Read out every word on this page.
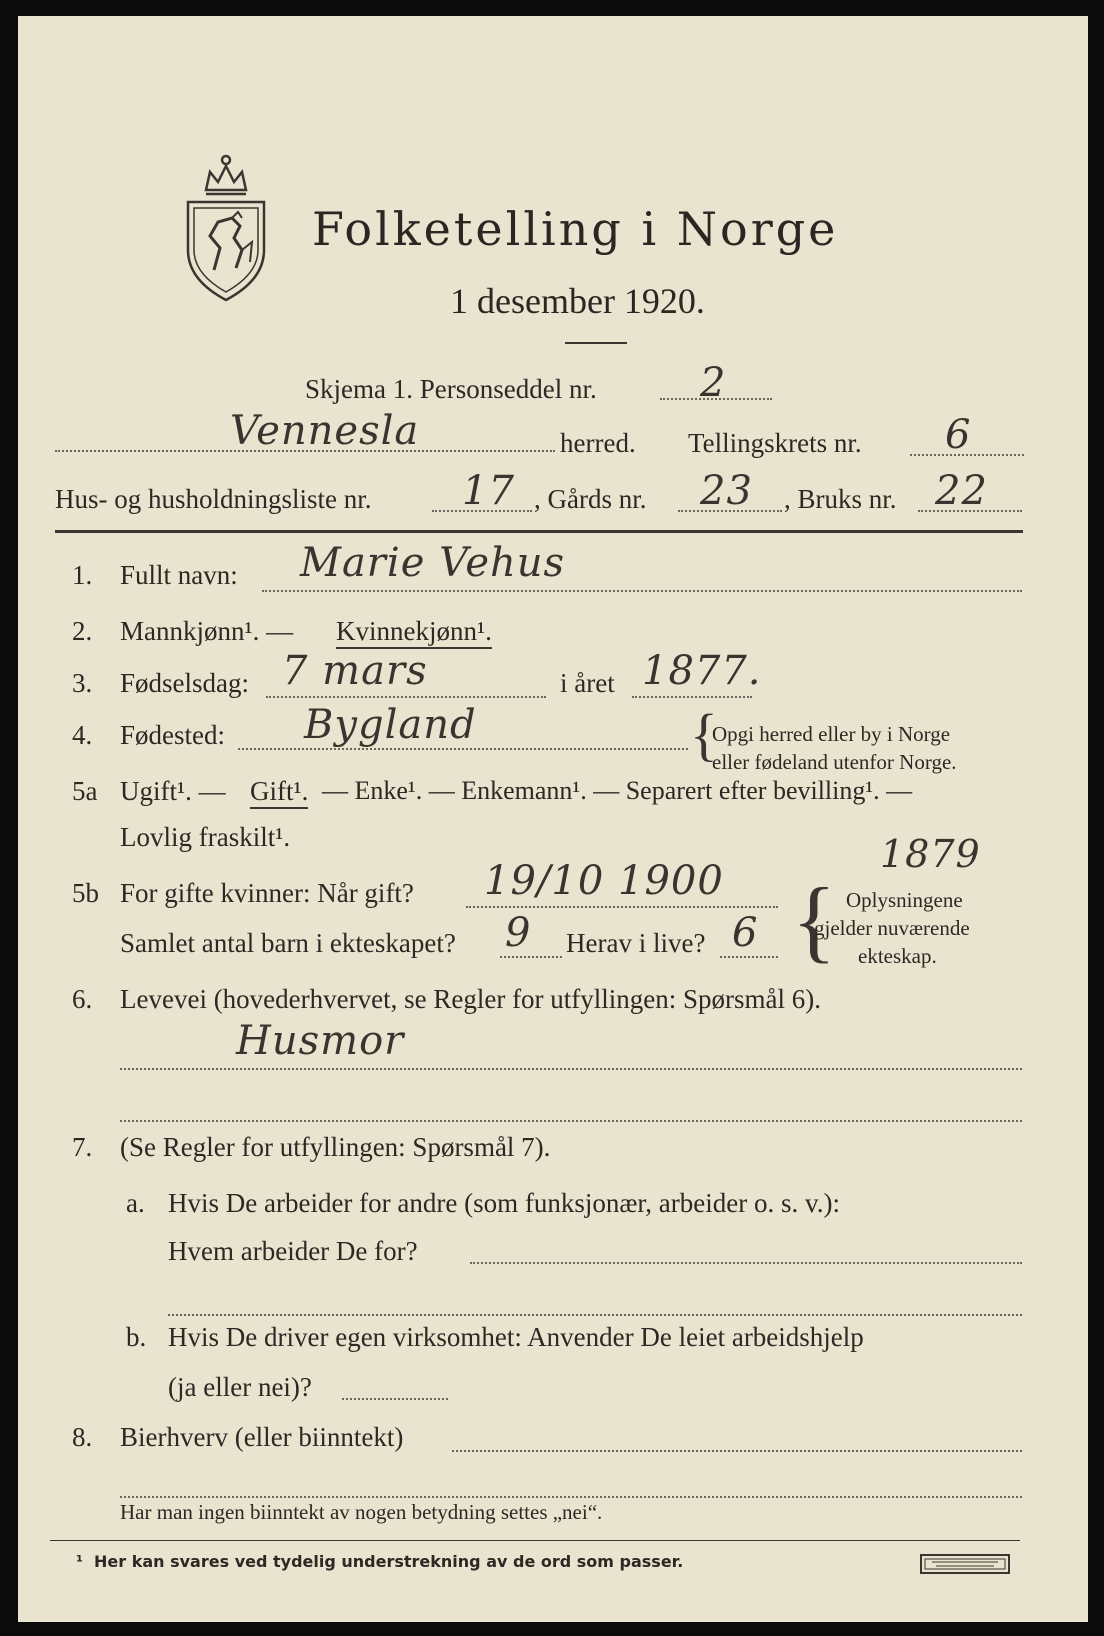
Folketelling i Norge
1 desember 1920.
Skjema 1. Personseddel nr.	2
Vennesla	herred. Tellingskrets nr. 6
Hus- og husholdningsliste nr. 17 , Gårds nr. 23 , Bruks nr. 22
1. Fullt navn: Marie Vehus
2. Mannkjønn¹. — Kvinnekjønn¹.
3. Fødselsdag: 7 mars	i året 1877.
4. Fødested: Bygland	{
Opgi herred eller by i Norge
eller fødeland utenfor Norge.
5a Ugift¹. — Gift¹. — Enke¹. — Enkemann¹. — Separert efter bevilling¹. —
Lovlig fraskilt¹.	1879
5b For gifte kvinner: Når gift? 19/10 1900
Samlet antal barn i ekteskapet? 9 Herav i live? 6 { Oplysningene
gjelder nuværende
ekteskap.
6. Levevei (hovederhvervet, se Regler for utfyllingen: Spørsmål 6).
Husmor
7. (Se Regler for utfyllingen: Spørsmål 7).
a. Hvis De arbeider for andre (som funksjonær, arbeider o. s. v.):
Hvem arbeider De for?
b. Hvis De driver egen virksomhet: Anvender De leiet arbeidshjelp
(ja eller nei)?
8. Bierhverv (eller biinntekt)
Har man ingen biinntekt av nogen betydning settes „nei“.
¹ Her kan svares ved tydelig understrekning av de ord som passer.
